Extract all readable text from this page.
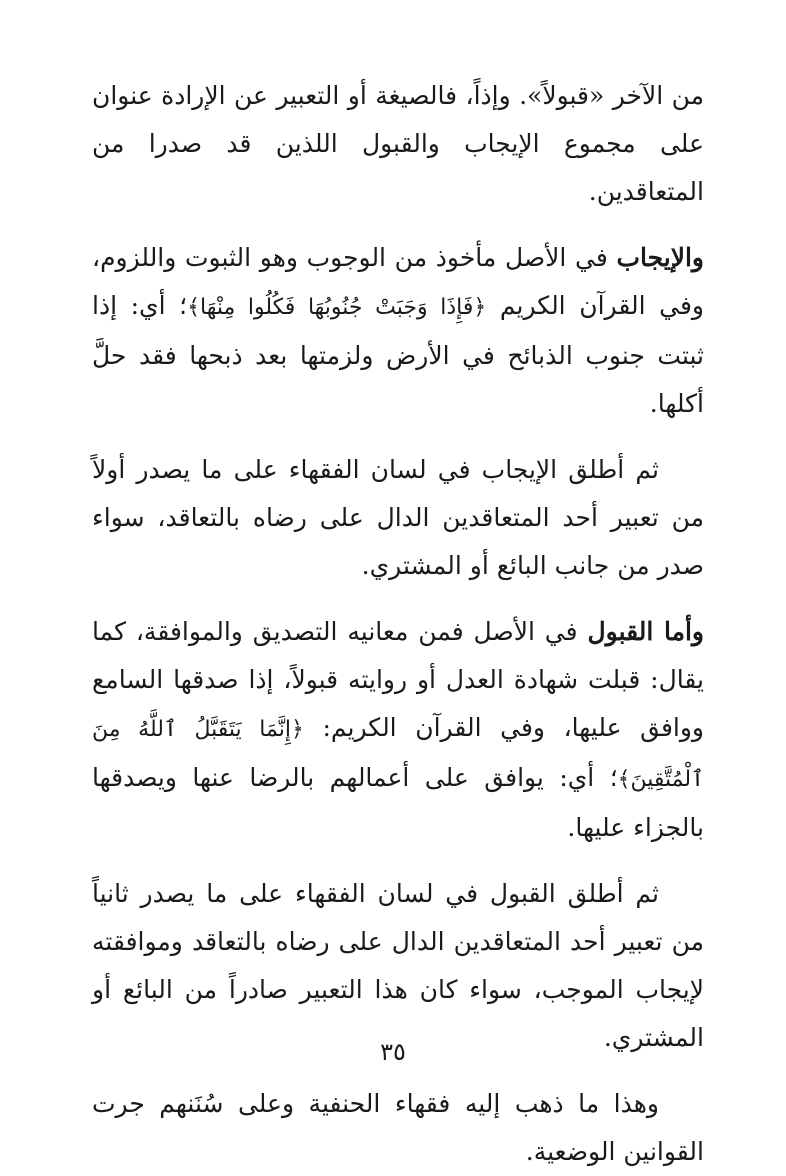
من الآخر «قبولاً». وإذاً، فالصيغة أو التعبير عن الإرادة عنوان على مجموع الإيجاب والقبول اللذين قد صدرا من المتعاقدين.

والإيجاب في الأصل مأخوذ من الوجوب وهو الثبوت واللزوم، وفي القرآن الكريم ﴿فَإِذَا وَجَبَتْ جُنُوبُهَا فَكُلُوا مِنْهَا﴾؛ أي: إذا ثبتت جنوب الذبائح في الأرض ولزمتها بعد ذبحها فقد حلَّ أكلها.

ثم أطلق الإيجاب في لسان الفقهاء على ما يصدر أولاً من تعبير أحد المتعاقدين الدال على رضاه بالتعاقد، سواء صدر من جانب البائع أو المشتري.

وأما القبول في الأصل فمن معانيه التصديق والموافقة، كما يقال: قبلت شهادة العدل أو روايته قبولاً، إذا صدقها السامع ووافق عليها، وفي القرآن الكريم: ﴿إِنَّمَا يَتَقَبَّلُ ٱللَّهُ مِنَ ٱلْمُتَّقِينَ﴾؛ أي: يوافق على أعمالهم بالرضا عنها ويصدقها بالجزاء عليها.

ثم أطلق القبول في لسان الفقهاء على ما يصدر ثانياً من تعبير أحد المتعاقدين الدال على رضاه بالتعاقد وموافقته لإيجاب الموجب، سواء كان هذا التعبير صادراً من البائع أو المشتري.

وهذا ما ذهب إليه فقهاء الحنفية وعلى سُنَنهم جرت القوانين الوضعية.

٣٥
